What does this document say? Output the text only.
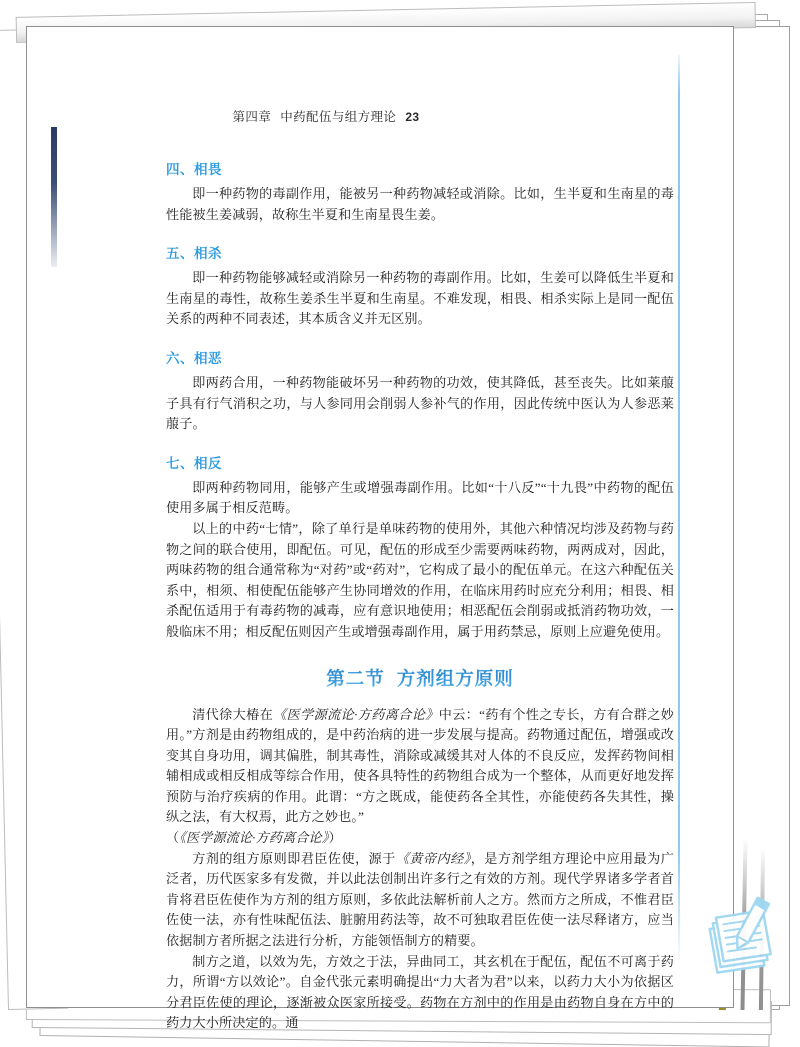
第四章 中药配伍与组方理论 23
四、相畏

即一种药物的毒副作用，能被另一种药物减轻或消除。比如，生半夏和生南星的毒性能被生姜减弱，故称生半夏和生南星畏生姜。

五、相杀

即一种药物能够减轻或消除另一种药物的毒副作用。比如，生姜可以降低生半夏和生南星的毒性，故称生姜杀生半夏和生南星。不难发现，相畏、相杀实际上是同一配伍关系的两种不同表述，其本质含义并无区别。

六、相恶

即两药合用，一种药物能破坏另一种药物的功效，使其降低，甚至丧失。比如莱菔子具有行气消积之功，与人参同用会削弱人参补气的作用，因此传统中医认为人参恶莱菔子。

七、相反

即两种药物同用，能够产生或增强毒副作用。比如“十八反”“十九畏”中药物的配伍使用多属于相反范畴。

以上的中药“七情”，除了单行是单味药物的使用外，其他六种情况均涉及药物与药物之间的联合使用，即配伍。可见，配伍的形成至少需要两味药物，两两成对，因此，两味药物的组合通常称为“对药”或“药对”，它构成了最小的配伍单元。在这六种配伍关系中，相须、相使配伍能够产生协同增效的作用，在临床用药时应充分利用；相畏、相杀配伍适用于有毒药物的减毒，应有意识地使用；相恶配伍会削弱或抵消药物功效，一般临床不用；相反配伍则因产生或增强毒副作用，属于用药禁忌，原则上应避免使用。

第二节 方剂组方原则

清代徐大椿在《医学源流论·方药离合论》中云：“药有个性之专长，方有合群之妙用。”方剂是由药物组成的，是中药治病的进一步发展与提高。药物通过配伍，增强或改变其自身功用，调其偏胜，制其毒性，消除或减缓其对人体的不良反应，发挥药物间相辅相成或相反相成等综合作用，使各具特性的药物组合成为一个整体，从而更好地发挥预防与治疗疾病的作用。此谓：“方之既成，能使药各全其性，亦能使药各失其性，操纵之法，有大权焉，此方之妙也。”

（《医学源流论·方药离合论》）

方剂的组方原则即君臣佐使，源于《黄帝内经》，是方剂学组方理论中应用最为广泛者，历代医家多有发微，并以此法创制出许多行之有效的方剂。现代学界诸多学者首肯将君臣佐使作为方剂的组方原则，多依此法解析前人之方。然而方之所成，不惟君臣佐使一法，亦有性味配伍法、脏腑用药法等，故不可独取君臣佐使一法尽释诸方，应当依据制方者所据之法进行分析，方能领悟制方的精要。

制方之道，以效为先，方效之于法，异曲同工，其玄机在于配伍，配伍不可离于药力，所谓“方以效论”。自金代张元素明确提出“力大者为君”以来，以药力大小为依据区分君臣佐使的理论，逐渐被众医家所接受。药物在方剂中的作用是由药物自身在方中的药力大小所决定的。通
